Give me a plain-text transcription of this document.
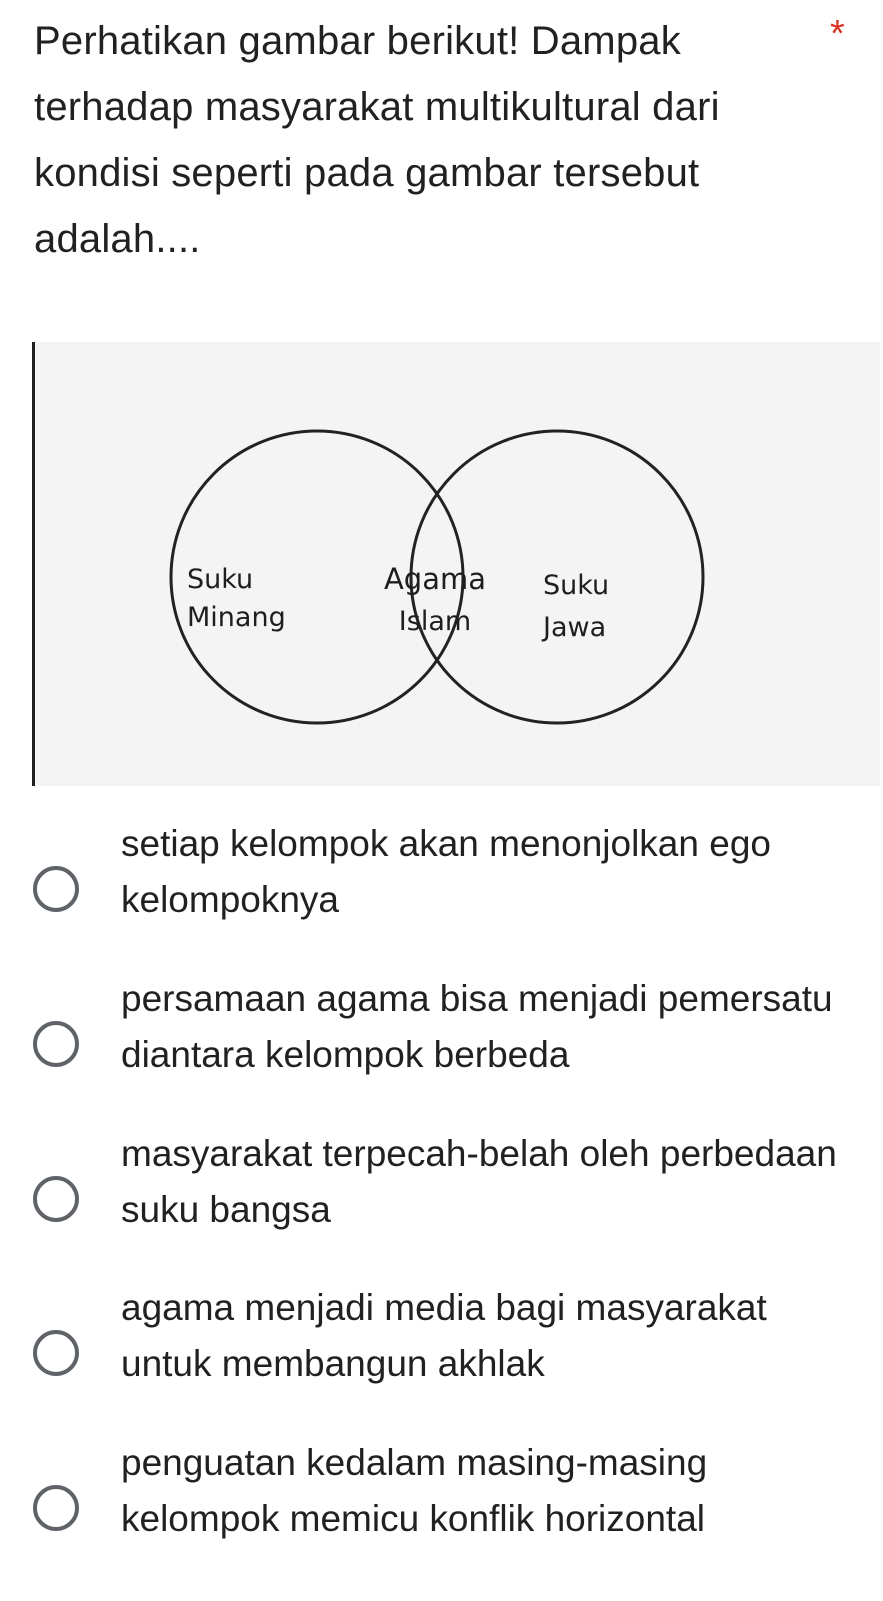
Perhatikan gambar berikut! Dampak terhadap masyarakat multikultural dari kondisi seperti pada gambar tersebut adalah....

*
Suku
Minang
Agama
Islam
Suku
Jawa
setiap kelompok akan menonjolkan ego kelompoknya
persamaan agama bisa menjadi pemersatu diantara kelompok berbeda
masyarakat terpecah-belah oleh perbedaan suku bangsa
agama menjadi media bagi masyarakat untuk membangun akhlak
penguatan kedalam masing-masing kelompok memicu konflik horizontal
